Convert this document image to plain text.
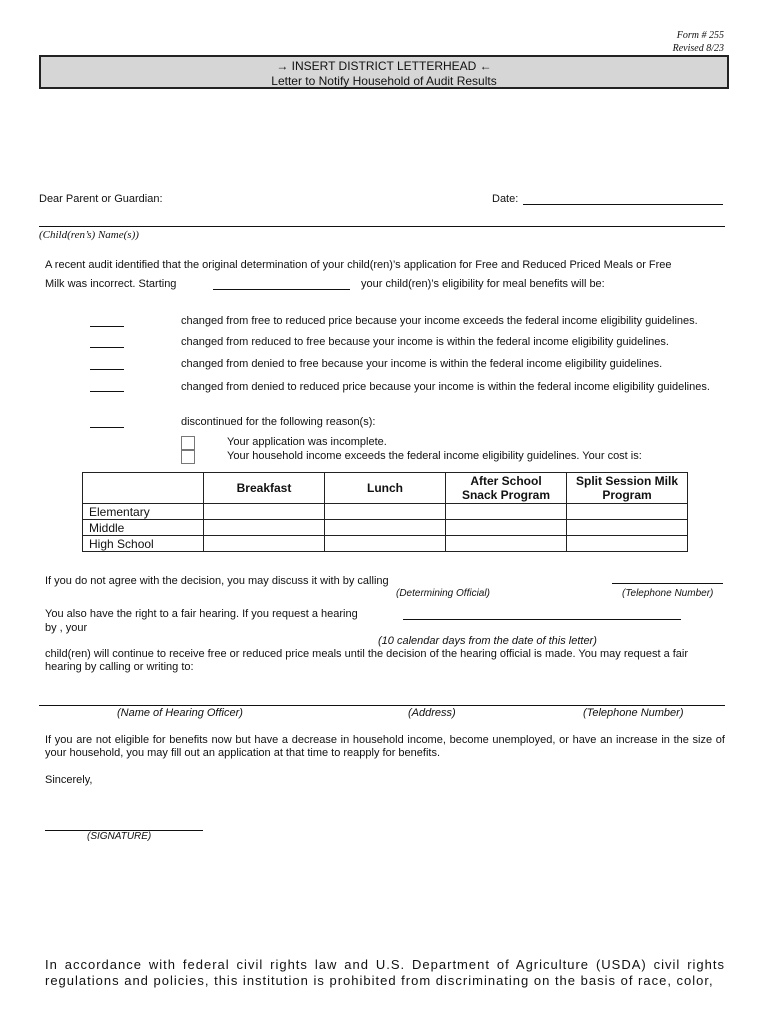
Form # 255
Revised 8/23
→ INSERT DISTRICT LETTERHEAD ←
Letter to Notify Household of Audit Results
Dear Parent or Guardian:	Date:
(Child(ren’s) Name(s))
A recent audit identified that the original determination of your child(ren)’s application for Free and Reduced Priced Meals or Free
Milk was incorrect. Starting	your child(ren)’s eligibility for meal benefits will be:
changed from free to reduced price because your income exceeds the federal income eligibility guidelines.
changed from reduced to free because your income is within the federal income eligibility guidelines.
changed from denied to free because your income is within the federal income eligibility guidelines.
changed from denied to reduced price because your income is within the federal income eligibility guidelines.
discontinued for the following reason(s):
Your application was incomplete.
Your household income exceeds the federal income eligibility guidelines. Your cost is:
	Breakfast	Lunch	After School Snack Program	Split Session Milk Program
Elementary				
Middle				
High School				
If you do not agree with the decision, you may discuss it with by calling
(Determining Official)	(Telephone Number)
You also have the right to a fair hearing. If you request a hearing
by , your
(10 calendar days from the date of this letter)
child(ren) will continue to receive free or reduced price meals until the decision of the hearing official is made. You may request a fair hearing by calling or writing to:
(Name of Hearing Officer)	(Address)	(Telephone Number)
If you are not eligible for benefits now but have a decrease in household income, become unemployed, or have an increase in the size of your household, you may fill out an application at that time to reapply for benefits.
Sincerely,
(SIGNATURE)
In accordance with federal civil rights law and U.S. Department of Agriculture (USDA) civil rights regulations and policies, this institution is prohibited from discriminating on the basis of race, color,
